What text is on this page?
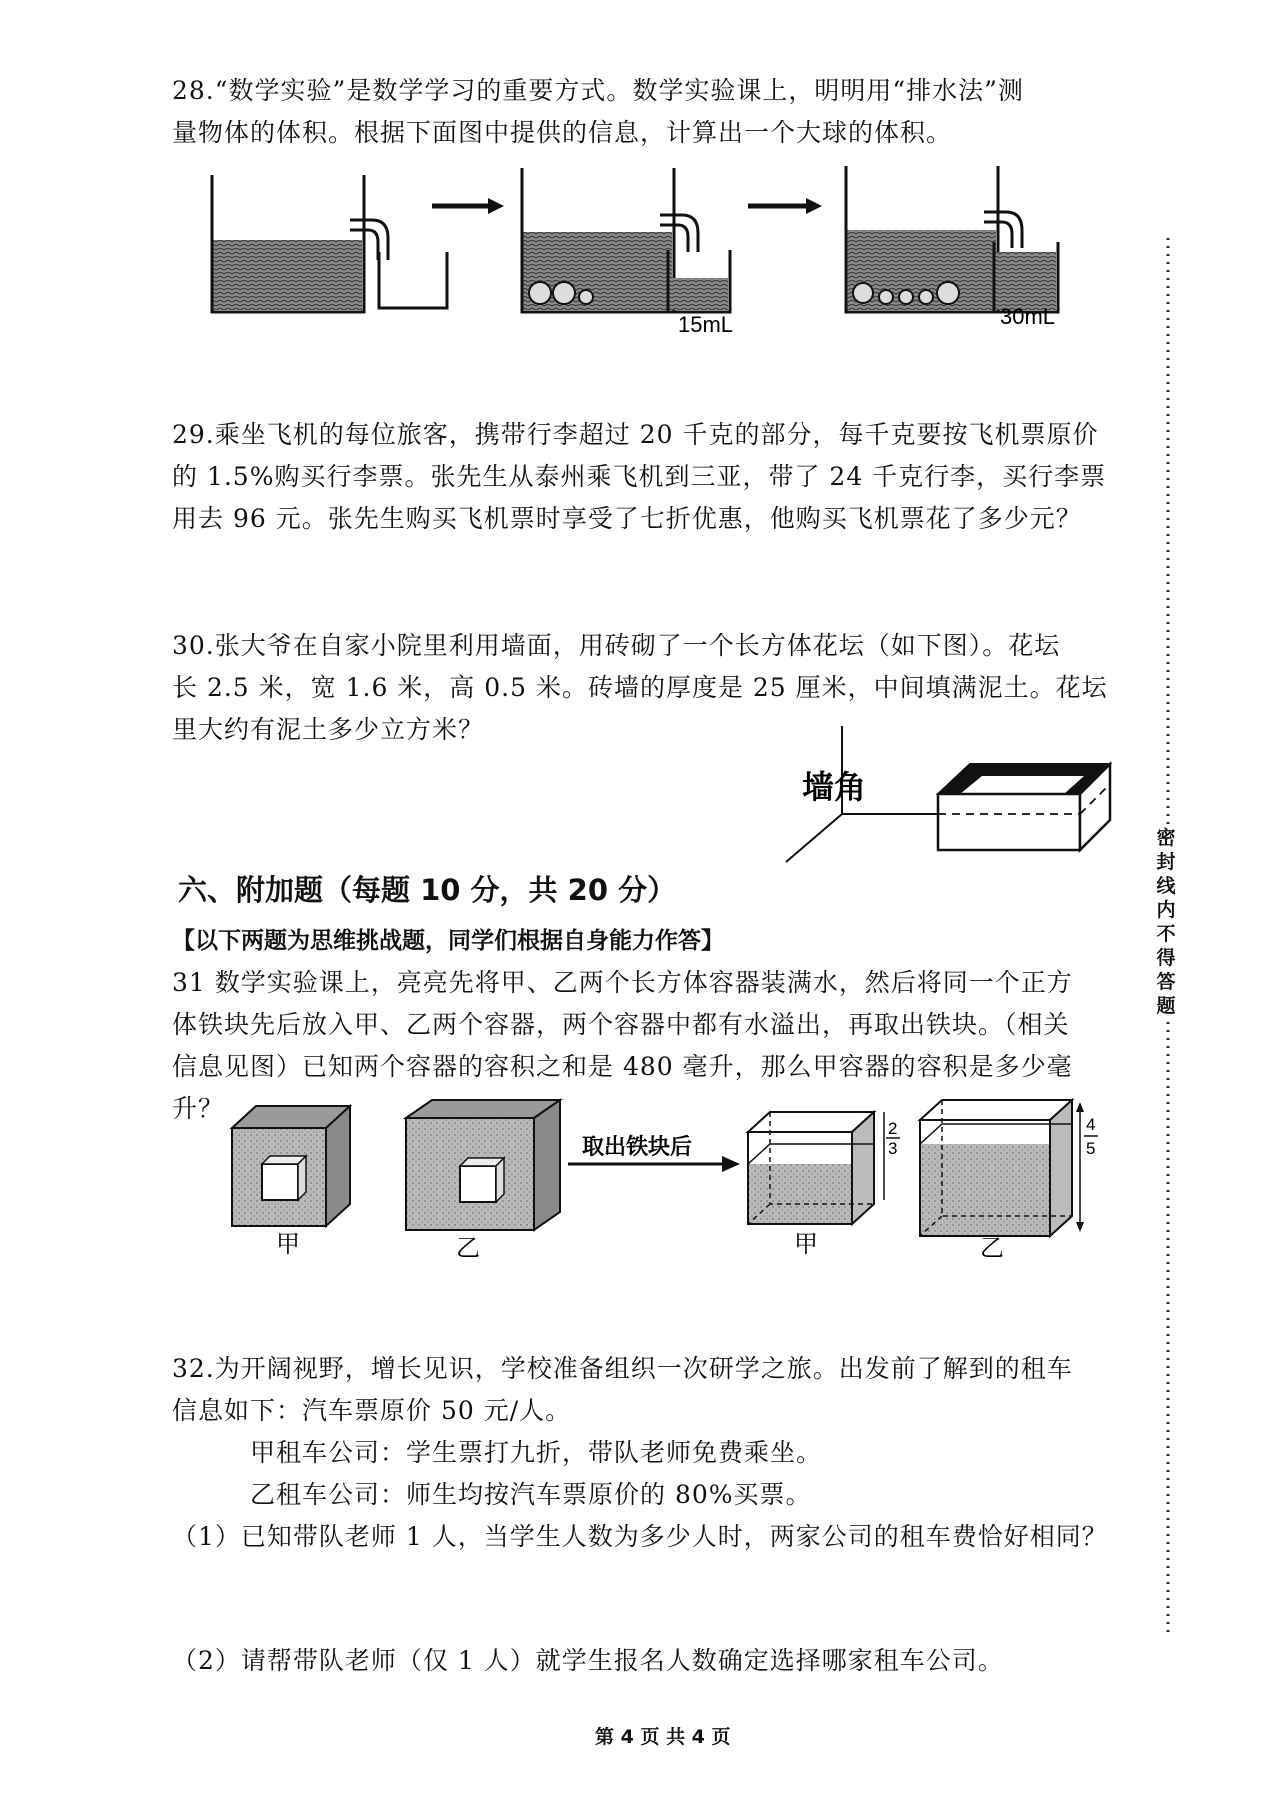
28.“数学实验”是数学学习的重要方式。数学实验课上，明明用“排水法”测

量物体的体积。根据下面图中提供的信息，计算出一个大球的体积。

15mL	30mL

29.乘坐飞机的每位旅客，携带行李超过 20 千克的部分，每千克要按飞机票原价

的 1.5%购买行李票。张先生从泰州乘飞机到三亚，带了 24 千克行李，买行李票

用去 96 元。张先生购买飞机票时享受了七折优惠，他购买飞机票花了多少元？

30.张大爷在自家小院里利用墙面，用砖砌了一个长方体花坛（如下图）。花坛

长 2.5 米，宽 1.6 米，高 0.5 米。砖墙的厚度是 25 厘米，中间填满泥土。花坛

里大约有泥土多少立方米？

墙角
六、附加题（每题 10 分，共 20 分）
【以下两题为思维挑战题，同学们根据自身能力作答】

31 数学实验课上，亮亮先将甲、乙两个长方体容器装满水，然后将同一个正方

体铁块先后放入甲、乙两个容器，两个容器中都有水溢出，再取出铁块。（相关

信息见图）已知两个容器的容积之和是 480 毫升，那么甲容器的容积是多少毫

升？

甲	乙
取出铁块后
2
3
甲
4
5
乙

32.为开阔视野，增长见识，学校准备组织一次研学之旅。出发前了解到的租车

信息如下：汽车票原价 50 元/人。

甲租车公司：学生票打九折，带队老师免费乘坐。

乙租车公司：师生均按汽车票原价的 80%买票。

（1）已知带队老师 1 人，当学生人数为多少人时，两家公司的租车费恰好相同？

（2）请帮带队老师（仅 1 人）就学生报名人数确定选择哪家租车公司。

第 4 页 共 4 页
密封线内不得答题
